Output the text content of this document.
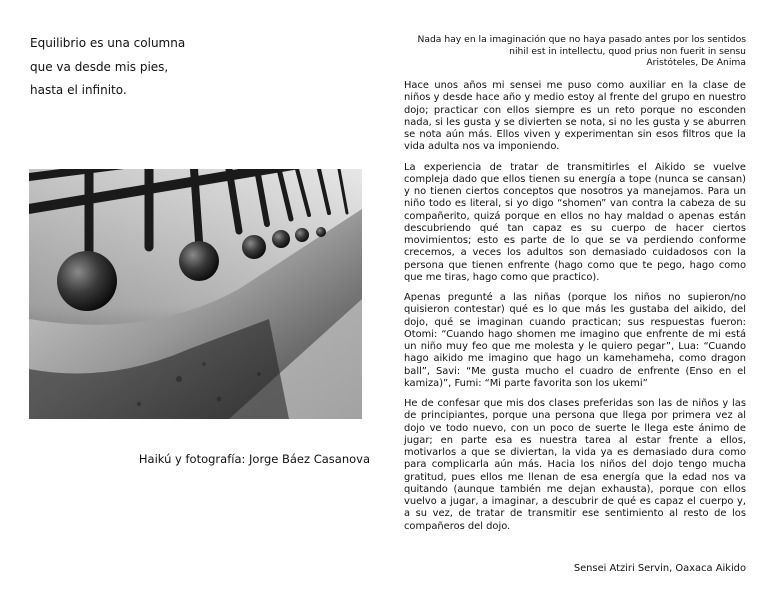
Equilibrio es una columna
que va desde mis pies,
hasta el infinito.
Haikú y fotografía: Jorge Báez Casanova
Nada hay en la imaginación que no haya pasado antes por los sentidos
nihil est in intellectu, quod prius non fuerit in sensu
Aristóteles, De Anima

Hace unos años mi sensei me puso como auxiliar en la clase de niños y desde hace año y medio estoy al frente del grupo en nuestro dojo; practicar con ellos siempre es un reto porque no esconden nada, si les gusta y se divierten se nota, si no les gusta y se aburren se nota aún más. Ellos viven y experimentan sin esos filtros que la vida adulta nos va imponiendo.

La experiencia de tratar de transmitirles el Aikido se vuelve compleja dado que ellos tienen su energía a tope (nunca se cansan) y no tienen ciertos conceptos que nosotros ya manejamos. Para un niño todo es literal, si yo digo “shomen” van contra la cabeza de su compañerito, quizá porque en ellos no hay maldad o apenas están descubriendo qué tan capaz es su cuerpo de hacer ciertos movimientos; esto es parte de lo que se va perdiendo conforme crecemos, a veces los adultos son demasiado cuidadosos con la persona que tienen enfrente (hago como que te pego, hago como que me tiras, hago como que practico).

Apenas pregunté a las niñas (porque los niños no supieron/no quisieron contestar) qué es lo que más les gustaba del aikido, del dojo, qué se imaginan cuando practican; sus respuestas fueron: Otomi: “Cuando hago shomen me imagino que enfrente de mi está un niño muy feo que me molesta y le quiero pegar”, Lua: “Cuando hago aikido me imagino que hago un kamehameha, como dragon ball”, Savi: “Me gusta mucho el cuadro de enfrente (Enso en el kamiza)”, Fumi: “Mi parte favorita son los ukemi”

He de confesar que mis dos clases preferidas son las de niños y las de principiantes, porque una persona que llega por primera vez al dojo ve todo nuevo, con un poco de suerte le llega este ánimo de jugar; en parte esa es nuestra tarea al estar frente a ellos, motivarlos a que se diviertan, la vida ya es demasiado dura como para complicarla aún más. Hacia los niños del dojo tengo mucha gratitud, pues ellos me llenan de esa energía que la edad nos va quitando (aunque también me dejan exhausta), porque con ellos vuelvo a jugar, a imaginar, a descubrir de qué es capaz el cuerpo y, a su vez, de tratar de transmitir ese sentimiento al resto de los compañeros del dojo.

Sensei Atziri Servin, Oaxaca Aikido
